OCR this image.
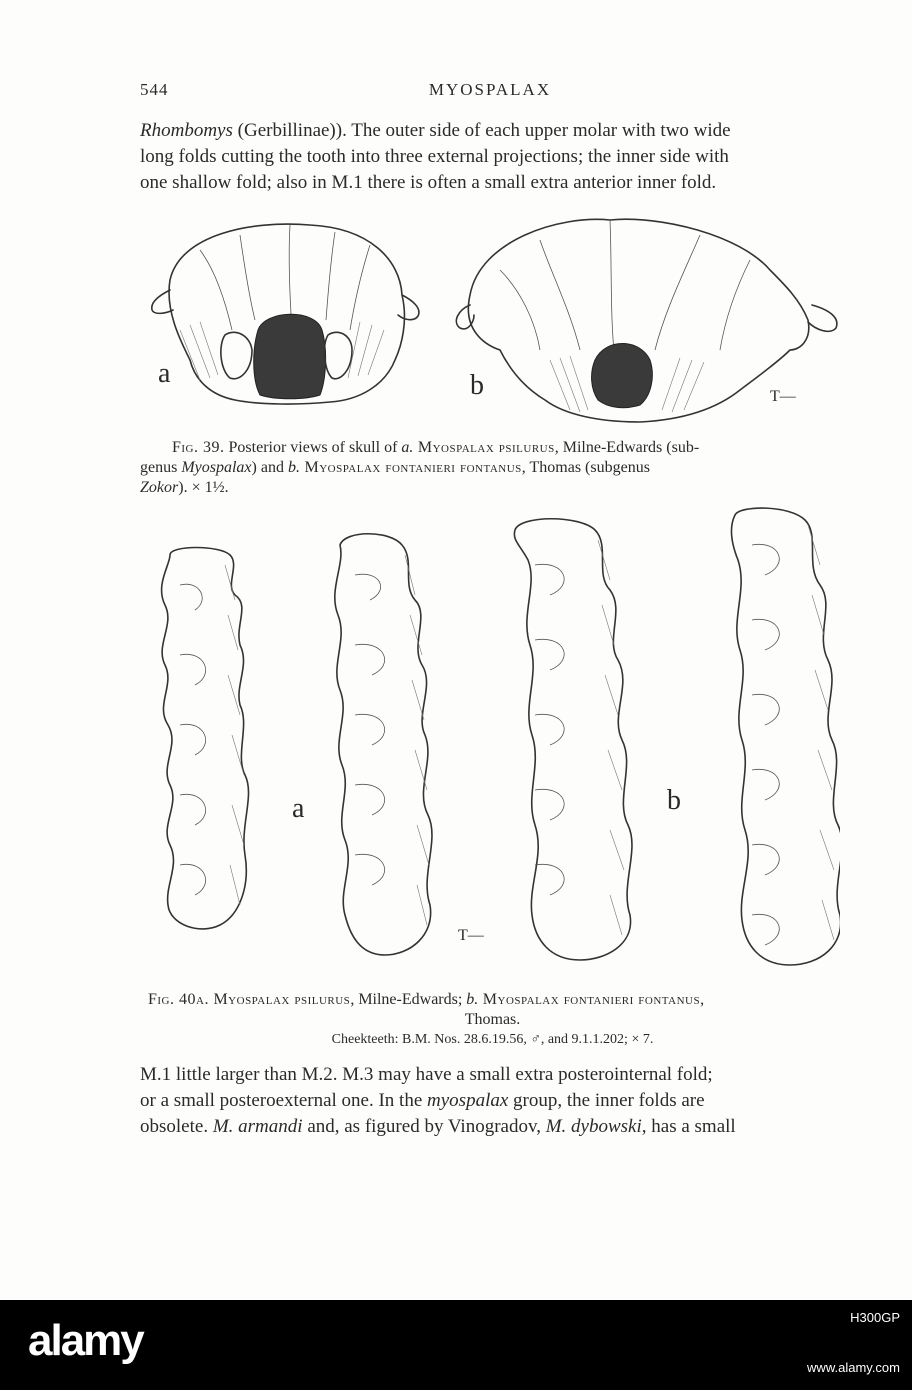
544	MYOSPALAX

Rhombomys (Gerbillinae)). The outer side of each upper molar with two wide
long folds cutting the tooth into three external projections; the inner side with
one shallow fold; also in M.1 there is often a small extra anterior inner fold.

a	b	T—

Fig. 39. Posterior views of skull of a. Myospalax psilurus, Milne-Edwards (sub-

genus Myospalax) and b. Myospalax fontanieri fontanus, Thomas (subgenus
Zokor). × 1½.

a	b
T—

Fig. 40a. Myospalax psilurus, Milne-Edwards; b. Myospalax fontanieri fontanus,

Thomas.
Cheekteeth: B.M. Nos. 28.6.19.56, ♂, and 9.1.1.202; × 7.

M.1 little larger than M.2. M.3 may have a small extra posterointernal fold;
or a small posteroexternal one. In the myospalax group, the inner folds are
obsolete. M. armandi and, as figured by Vinogradov, M. dybowski, has a small

alamy	H300GP
www.alamy.com
